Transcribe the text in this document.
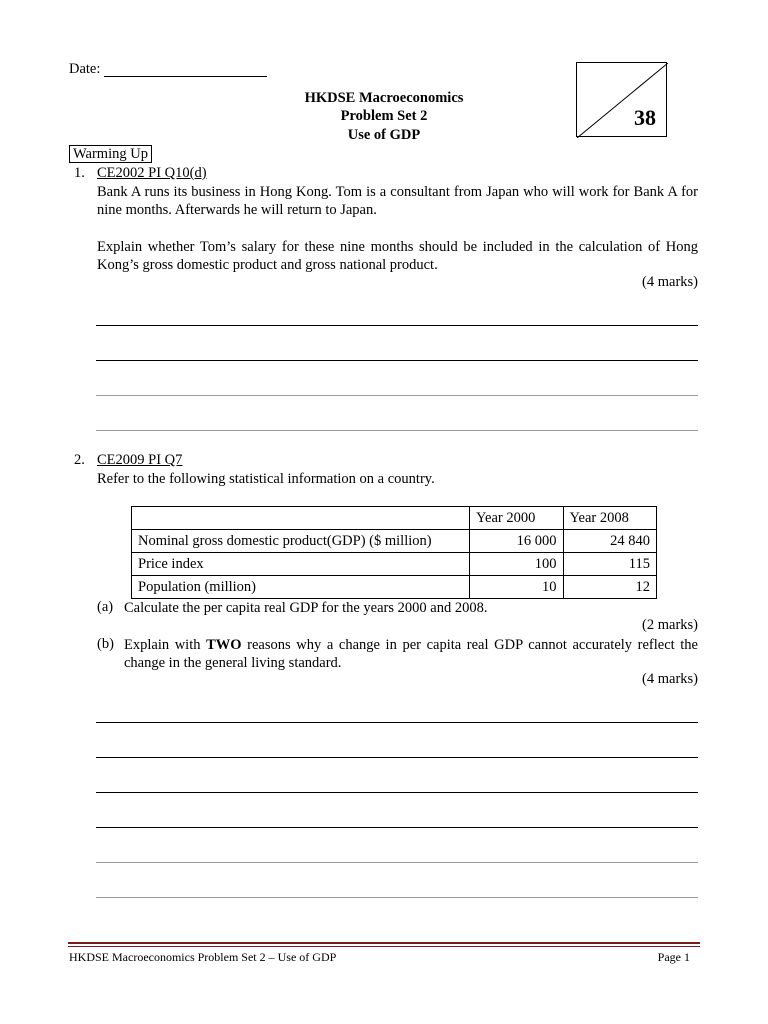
Date:
HKDSE Macroeconomics
Problem Set 2
Use of GDP
38
Warming Up
1. CE2002 PI Q10(d)
Bank A runs its business in Hong Kong. Tom is a consultant from Japan who will work for Bank A for nine months. Afterwards he will return to Japan.
Explain whether Tom’s salary for these nine months should be included in the calculation of Hong Kong’s gross domestic product and gross national product.
(4 marks)
2. CE2009 PI Q7
Refer to the following statistical information on a country.
	Year 2000	Year 2008
Nominal gross domestic product(GDP) ($ million)	16 000	24 840
Price index	100	115
Population (million)	10	12
(a) Calculate the per capita real GDP for the years 2000 and 2008.
(2 marks)
(b) Explain with TWO reasons why a change in per capita real GDP cannot accurately reflect the change in the general living standard.
(4 marks)
HKDSE Macroeconomics Problem Set 2 – Use of GDP	Page 1
